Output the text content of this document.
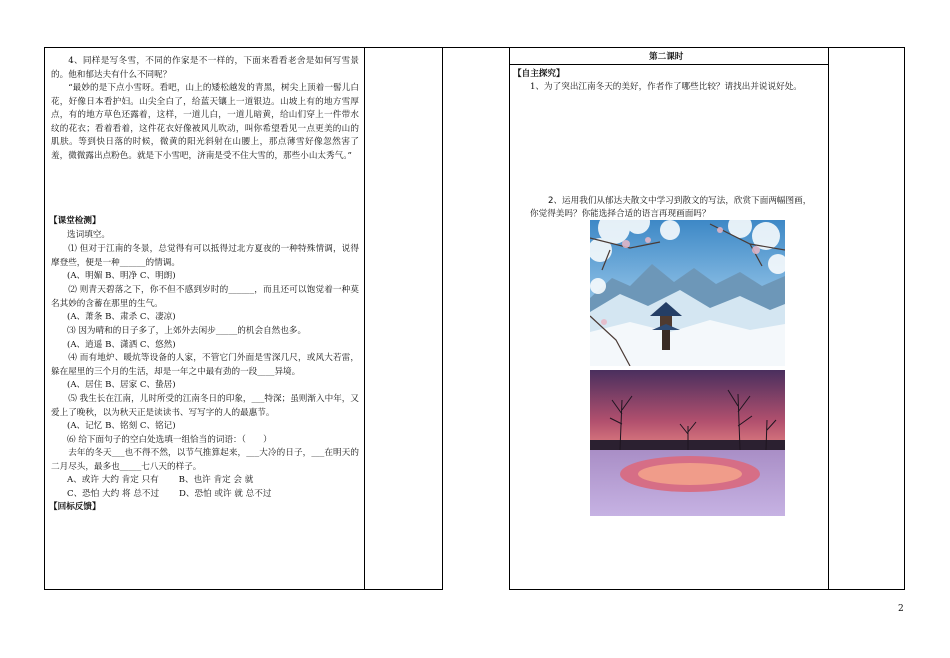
4、同样是写冬雪，不同的作家是不一样的，下面来看看老舍是如何写雪景的。他和郁达夫有什么不同呢？
“最妙的是下点小雪呀。看吧，山上的矮松越发的青黑，树尖上顶着一髻儿白花，好像日本看护妇。山尖全白了，给蓝天镶上一道银边。山坡上有的地方雪厚点，有的地方草色还露着，这样，一道儿白，一道儿暗黄，给山们穿上一件带水纹的花衣；看着看着，这件花衣好像被风儿吹动，叫你希望看见一点更美的山的肌肤。等到快日落的时候，微黄的阳光斜射在山腰上，那点薄雪好像忽然害了羞，微微露出点粉色。就是下小雪吧，济南是受不住大雪的，那些小山太秀气。”
【课堂检测】
选词填空。
⑴ 但对于江南的冬景，总觉得有可以抵得过北方夏夜的一种特殊情调，说得摩登些，便是一种______的情调。
(A、明媚 B、明净 C、明朗)
⑵ 则青天碧落之下，你不但不感到岁时的______，而且还可以饱觉着一种莫名其妙的含蓄在那里的生气。
(A、萧条 B、肃杀 C、凄凉)
⑶ 因为晴和的日子多了，上郊外去闲步_____的机会自然也多。
(A、逍遥 B、潇洒 C、悠然)
⑷ 而有地炉、暖炕等设备的人家，不管它门外面是雪深几尺，或风大若雷，躲在屋里的三个月的生活，却是一年之中最有劲的一段____异境。
(A、居住 B、居家 C、蛰居)
⑸ 我生长在江南，儿时所受的江南冬日的印象，___特深；虽则渐入中年，又爱上了晚秋，以为秋天正是读读书、写写字的人的最惠节。
(A、记忆 B、铭刻 C、铭记)
⑹ 给下面句子的空白处选填一组恰当的词语：（　　）
去年的冬天___也不得不然，以节气推算起来，___大冷的日子，___在明天的二月尽头，最多也_____七八天的样子。
A、或许 大约 肯定 只有　　 B、也许 肯定 会 就
C、恐怕 大约 将 总不过　　 D、恐怕 或许 就 总不过
【回标反馈】
第二课时
【自主探究】
1、为了突出江南冬天的美好，作者作了哪些比较？请找出并说说好处。
2、运用我们从郁达夫散文中学习到散文的写法，欣赏下面两幅图画，
你觉得美吗？你能选择合适的语言再现画面吗？
2
